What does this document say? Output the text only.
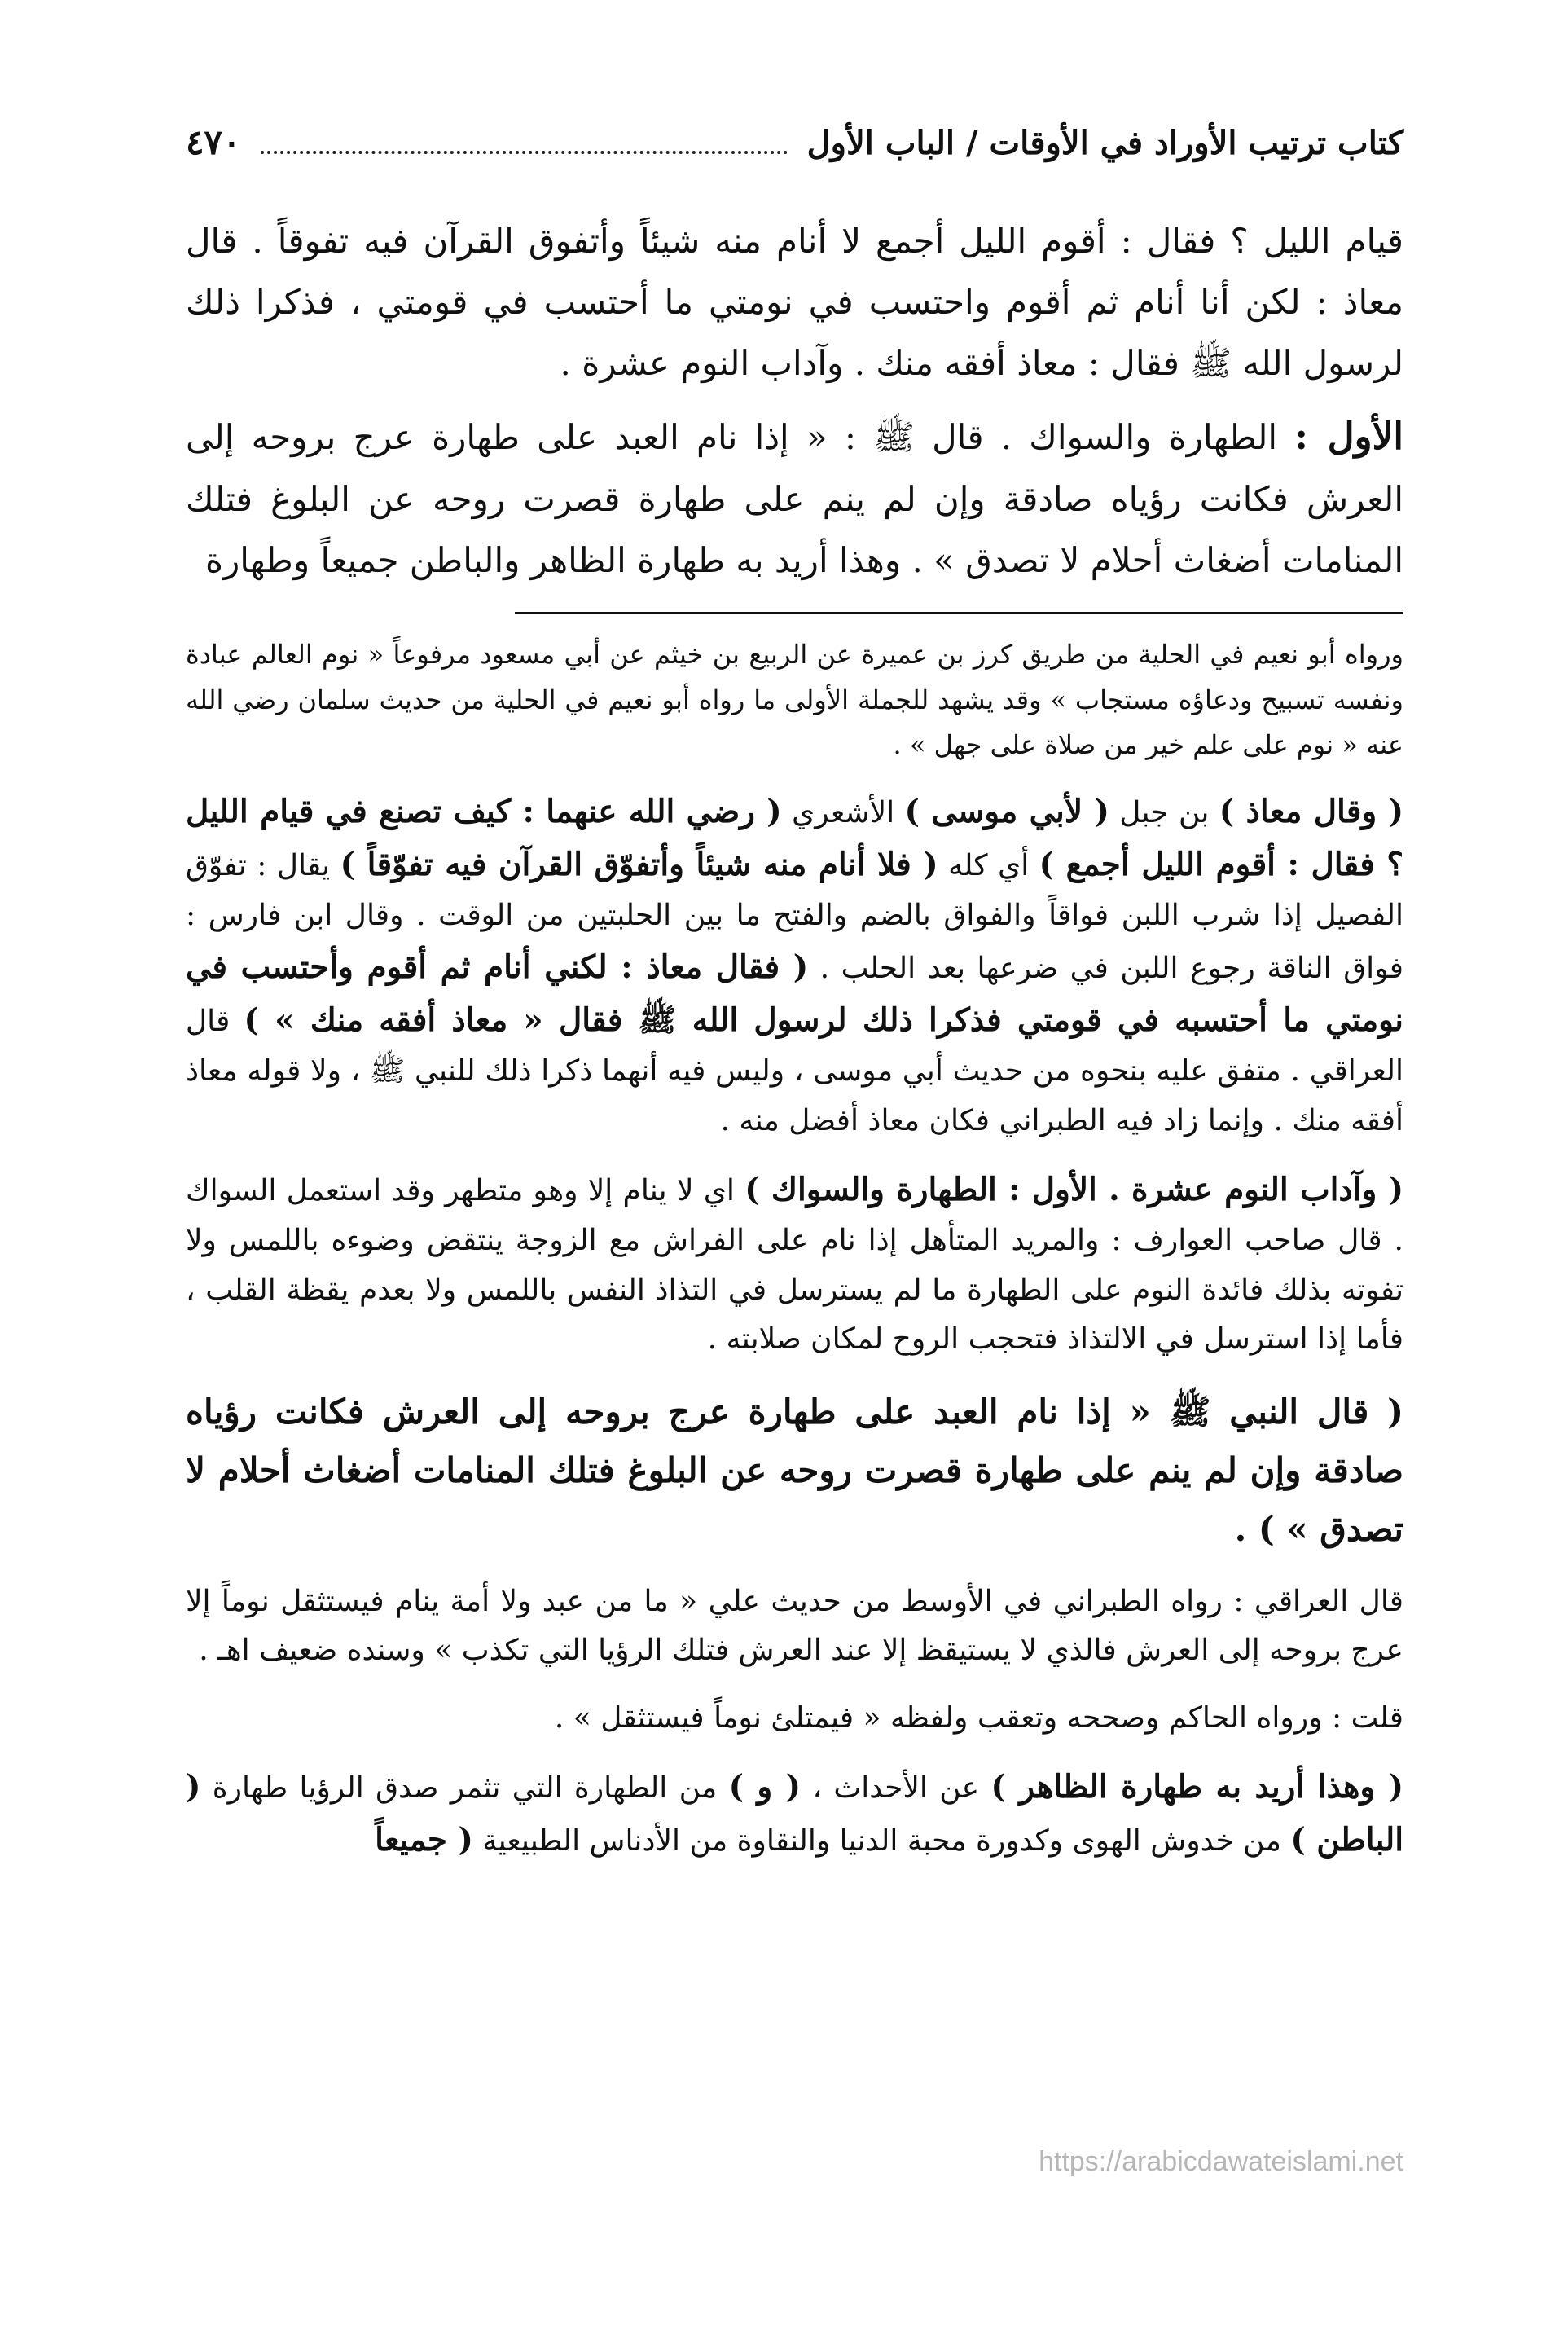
كتاب ترتيب الأوراد في الأوقات / الباب الأول
٤٧٠

قيام الليل ؟ فقال : أقوم الليل أجمع لا أنام منه شيئاً وأتفوق القرآن فيه تفوقاً . قال معاذ : لكن أنا أنام ثم أقوم واحتسب في نومتي ما أحتسب في قومتي ، فذكرا ذلك لرسول الله ﷺ فقال : معاذ أفقه منك . وآداب النوم عشرة .

الأول : الطهارة والسواك . قال ﷺ : « إذا نام العبد على طهارة عرج بروحه إلى العرش فكانت رؤياه صادقة وإن لم ينم على طهارة قصرت روحه عن البلوغ فتلك المنامات أضغاث أحلام لا تصدق » . وهذا أريد به طهارة الظاهر والباطن جميعاً وطهارة

ورواه أبو نعيم في الحلية من طريق كرز بن عميرة عن الربيع بن خيثم عن أبي مسعود مرفوعاً « نوم العالم عبادة ونفسه تسبيح ودعاؤه مستجاب » وقد يشهد للجملة الأولى ما رواه أبو نعيم في الحلية من حديث سلمان رضي الله عنه « نوم على علم خير من صلاة على جهل » .

( وقال معاذ ) بن جبل ( لأبي موسى ) الأشعري ( رضي الله عنهما : كيف تصنع في قيام الليل ؟ فقال : أقوم الليل أجمع ) أي كله ( فلا أنام منه شيئاً وأتفوّق القرآن فيه تفوّقاً ) يقال : تفوّق الفصيل إذا شرب اللبن فواقاً والفواق بالضم والفتح ما بين الحلبتين من الوقت . وقال ابن فارس : فواق الناقة رجوع اللبن في ضرعها بعد الحلب . ( فقال معاذ : لكني أنام ثم أقوم وأحتسب في نومتي ما أحتسبه في قومتي فذكرا ذلك لرسول الله ﷺ فقال « معاذ أفقه منك » ) قال العراقي . متفق عليه بنحوه من حديث أبي موسى ، وليس فيه أنهما ذكرا ذلك للنبي ﷺ ، ولا قوله معاذ أفقه منك . وإنما زاد فيه الطبراني فكان معاذ أفضل منه .

( وآداب النوم عشرة . الأول : الطهارة والسواك ) اي لا ينام إلا وهو متطهر وقد استعمل السواك . قال صاحب العوارف : والمريد المتأهل إذا نام على الفراش مع الزوجة ينتقض وضوءه باللمس ولا تفوته بذلك فائدة النوم على الطهارة ما لم يسترسل في التذاذ النفس باللمس ولا بعدم يقظة القلب ، فأما إذا استرسل في الالتذاذ فتحجب الروح لمكان صلابته .

( قال النبي ﷺ « إذا نام العبد على طهارة عرج بروحه إلى العرش فكانت رؤياه صادقة وإن لم ينم على طهارة قصرت روحه عن البلوغ فتلك المنامات أضغاث أحلام لا تصدق » ) .

قال العراقي : رواه الطبراني في الأوسط من حديث علي « ما من عبد ولا أمة ينام فيستثقل نوماً إلا عرج بروحه إلى العرش فالذي لا يستيقظ إلا عند العرش فتلك الرؤيا التي تكذب » وسنده ضعيف اهـ .

قلت : ورواه الحاكم وصححه وتعقب ولفظه « فيمتلئ نوماً فيستثقل » .

( وهذا أريد به طهارة الظاهر ) عن الأحداث ، ( و ) من الطهارة التي تثمر صدق الرؤيا طهارة ( الباطن ) من خدوش الهوى وكدورة محبة الدنيا والنقاوة من الأدناس الطبيعية ( جميعاً

https://arabicdawateislami.net
